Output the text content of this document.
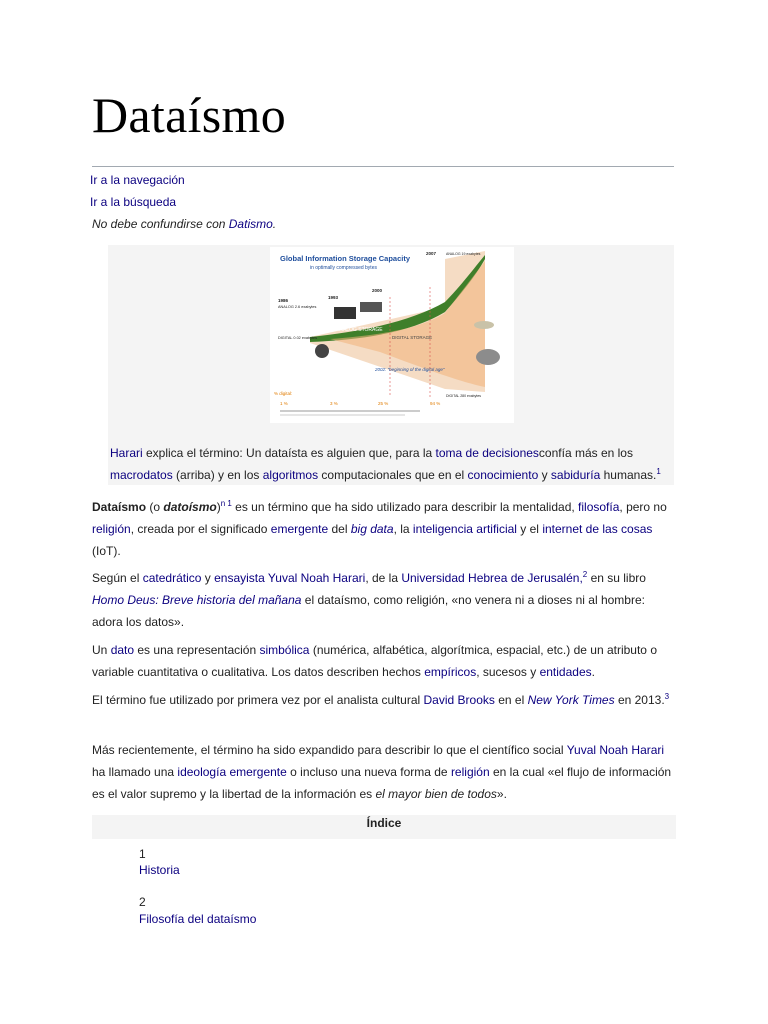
Dataísmo
Ir a la navegación
Ir a la búsqueda
No debe confundirse con Datismo.
Global Information Storage Capacity
in optimally compressed bytes
ANALOG STORAGE
DIGITAL STORAGE
2002: "beginning of the digital age"
1986
ANALOG 2.6 exabytes
DIGITAL 0.02 exabytes
1993
2000
2007	ANALOG 19 exabytes
DIGITAL 280 exabytes
% digital:
1 %	3 %	25 %	94 %
Harari explica el término: Un dataísta es alguien que, para la toma de decisionesconfía más en los macrodatos (arriba) y en los algoritmos computacionales que en el conocimiento y sabiduría humanas.$^1$

Dataísmo (o datoísmo)$^{n 1}$ es un término que ha sido utilizado para describir la mentalidad, filosofía, pero no religión, creada por el significado emergente del big data, la inteligencia artificial y el internet de las cosas (IoT).

Según el catedrático y ensayista Yuval Noah Harari, de la Universidad Hebrea de Jerusalén,$^2$ en su libro Homo Deus: Breve historia del mañana el dataísmo, como religión, «no venera ni a dioses ni al hombre: adora los datos».

Un dato es una representación simbólica (numérica, alfabética, algorítmica, espacial, etc.) de un atributo o variable cuantitativa o cualitativa. Los datos describen hechos empíricos, sucesos y entidades.

El término fue utilizado por primera vez por el analista cultural David Brooks en el New York Times en 2013.$^3$

Más recientemente, el término ha sido expandido para describir lo que el científico social Yuval Noah Harari ha llamado una ideología emergente o incluso una nueva forma de religión en la cual «el flujo de información es el valor supremo y la libertad de la información es el mayor bien de todos».

Índice
1
Historia
2
Filosofía del dataísmo
